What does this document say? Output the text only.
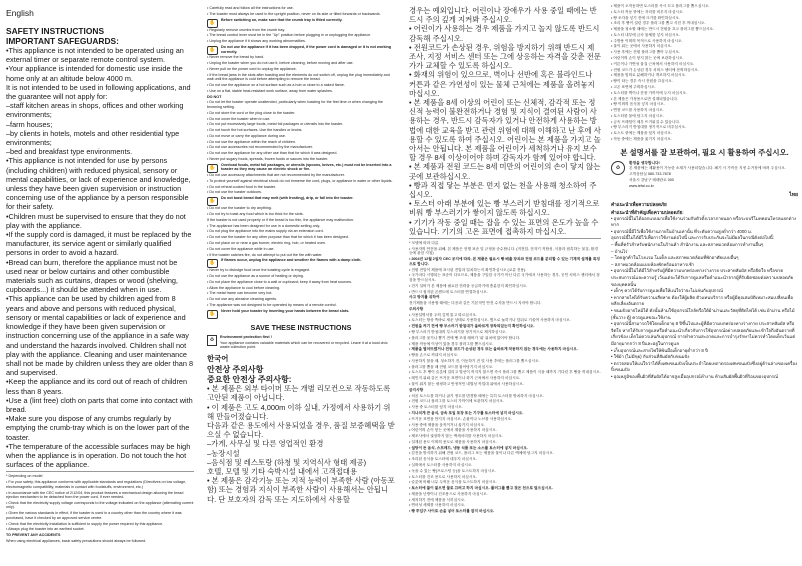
English

SAFETY INSTRUCTIONS

IMPORTANT SAFEGUARDS:

•This appliance is not intended to be operated using an external timer or separate remote control system.

•Your appliance is intended for domestic use inside the home only at an altitude below 4000 m.

It is not intended to be used in following applications, and the guarantee will not apply for:

–staff kitchen areas in shops, offices and other working environments;

–farm houses;

–by clients in hotels, motels and other residential type environments;

–bed and breakfast type environments.

•This appliance is not intended for use by persons (including children) with reduced physical, sensory or mental capabilities, or lack of experience and knowledge, unless they have been given supervision or instruction concerning use of the appliance by a person responsible for their safety.

•Children must be supervised to ensure that they do not play with the appliance.

•If the supply cord is damaged, it must be replaced by the manufacturer, its service agent or similarly qualified persons in order to avoid a hazard.

•Bread can burn, therefore the appliance must not be used near or below curtains and other combustible materials such as curtains, drapes or wood (shelving, cupboards...) it should be attended when in use.

•This appliance can be used by children aged from 8 years and above and persons with reduced physical, sensory or mental capabilities or lack of experience and knowledge if they have been given supervision or instruction concerning use of the appliance in a safe way and understand the hazards involved. Children shall not play with the appliance. Cleaning and user maintenance shall not be made by children unless they are older than 8 and supervised.

•Keep the appliance and its cord out of reach of children less than 8 years.

•Use a (lint free) cloth on parts that come into contact with bread.

•Make sure you dispose of any crumbs regularly by emptying the crumb-tray which is on the lower part of the toaster.

•The temperature of the accessible surfaces may be high when the appliance is in operation. Do not touch the hot surfaces of the appliance.

* Depending on model

• For your safety, this appliance conforms with applicable standards and regulations (Directives on low voltage, electromagnetic compatibility, materials in contact with foodstuffs, environment, etc.)

• In accordance with the CEC notice of 2/12/04, this product features a mechanical design allowing the bread ejection mechanism to be detached from the power cord, if ever needed.

• Check that the electricity supply voltage corresponds to the voltage indicated on the appliance (alternating current only).

• Given the various standards in effect, if the toaster is used in a country other than the country where it was purchased, have it checked by an approved service centre.

• Check that the electricity installation is sufficient to supply the power required by this appliance.

• Always plug the toaster into an earthed socket.

TO PREVENT ANY ACCIDENTS

When using electrical appliances, basic safety precautions should always be followed.

• Carefully read and follow all the instructions for use.

• The toaster must always be used in the upright position, never on its side or tilted forwards or backwards.

✋	Before switching on, make sure that the crumb tray is fitted correctly.

• Regularly remove crumbs from the crumb tray.

• The bread control lever must be in the "Up" position before plugging in or unplugging the appliance.

• Unplug the appliance if it shows any working abnormalities.

✋	Do not use the appliance if it has been dropped, if the power cord is damaged or it is not working correctly.

• Never remove the bread by hand.

• Unplug the toaster when you do not use it, before cleaning, before moving and after use.

• Never pull on the power cord to unplug the appliance.

• If the bread jams in the slots after toasting and the elements do not switch off, unplug the plug immediately and wait until the appliance is cold before attempting to remove the bread.

• Do not use the appliance on a hot surface such as a hob or close to a naked flame.

• Use on a flat, stable heat-resistant work surface, away from water splashes.

DO NOT

• Do not let the toaster operate unattended, particularly when toasting for the first time or when changing the browning setting.

• Do not store the cord or the plug close to the toaster.

• Do not cover the toaster when in use.

• Do not put excessively large foods, metal foil packages or utensils into the toaster.

• Do not touch the hot surfaces. Use the handles or knobs.

• Do not move or carry the appliance during use.

• Do not use the appliance within the reach of children.

• Do not use accessories not recommended by the manufacturer.

• Do not use the appliance for any other use than that for which it was designed.

• Never put sugary foods, spreads, frozen foods or sauces into the toaster.

✋	Overload foods, metal foil packages, or utensils (spoons, knives, etc.) must not be inserted into a toaster as they may cause an electric shock or fire.

• Do not use accessory attachments that are not recommended by the manufacturer.

• To protect yourself against electrical shock do not immerse the cord, plugs, or appliance in water or other liquids.

• Do not reheat cooked food in the toaster.

• Do not use the toaster outdoors.

✋	Do not toast bread that may melt (with frosting), drip, or fall into the toaster.

• Do not use the toaster to dry anything.

• Do not try to toast any food which is too thick for the slots.

If the toaster is not used properly or if the bread is too thin, the appliance may malfunction.

• The appliance has been designed for use in a domestic setting only.

• Do not plug the appliance into the mains supply via an extension cord.

• Do not use the toaster for any other purpose than that for which it has been designed.

• Do not place on or near a gas burner, electric ring, hob, or heated oven.

• Do not cover the appliance while in use.

• If the toaster catches fire, do not attempt to put out the fire with water.

✋	If flames occur, unplug the appliance and smother the flames with a damp cloth.

• Never try to dislodge food once the toasting cycle is engaged.

• Do not use the appliance as a source of heating or drying.

• Do not place the appliance close to a wall or cupboard; keep it away from heat sources.

• Allow the appliance to cool before cleaning.

• The metal frame can become very hot.

• Do not use any abrasive cleaning agents.

• The appliance was not designed to be operated by means of a remote control.

✋	Never hold your toaster by inserting your hands between the bread slots.

SAVE THESE INSTRUCTIONS

♻	Environment protection first !

Your appliance contains valuable materials which can be recovered or recycled. Leave it at a local civic waste collection point.

한국어

안전상 주의사항

중요한 안전상 주의사항:

• 본 제품은 외부 타이머 또는 개별 리모컨으로 작동하도록 고안된 제품이 아닙니다.

• 이 제품은 고도 4,000m 이하 실내, 가정에서 사용하기 위해 만들어졌습니다.

다음과 같은 용도에서 사용되었을 경우, 품질 보증혜택을 받으실 수 없습니다.

–가게, 사무실 및 다른 영업적인 환경

–농장시설

–음식점 및 레스토랑 (하청 및 지역식사 형태 제공)

호텔, 모텔 및 기타 숙박시설 내에서 고객접대용

• 본 제품은 감각기능 또는 지적 능력이 부족한 사람 (아동포함) 또는 경험과 지식이 부족한 사람이 사용해서는 안됩니다. 단 보호자의 감독 또는 지도하에서 사용할

경우는 예외입니다. 어린이나 장애우가 사용 중일 때에는 반드시 주의 깊게 지켜봐 주십시오.

• 어린이가 사용하는 경우 제품을 가지고 놀지 않도록 반드시 감독해 주십시오.

• 전원코드가 손상된 경우, 위험을 방지하기 위해 반드시 제조사, 지정 서비스 센터 또는 그에 상응하는 자격을 갖춘 전문가가 교체할 수 있도록 하십시오.

• 화재의 위험이 있으므로, 벽이나 선반에 혹은 블라인드나 커튼과 같은 가연성이 있는 물체 근처에는 제품을 올려놓지 마십시오.

• 본 제품을 8세 이상의 어린이 또는 신체적, 감각적 또는 정신적 능력이 불완전하거나 경험 및 지식이 결여된 사람이 사용하는 경우, 반드시 감독자가 있거나 안전하게 사용하는 방법에 대한 교육을 받고 관련 위험에 대해 이해하고 난 후에 사용할 수 있도록 하여 주십시오. 어린이는 본 제품을 가지고 놀아서는 안됩니다. 본 제품을 어린이가 세척하거나 유지 보수할 경우 8세 이상이어야 하며 감독자가 함께 있어야 합니다.

• 본 제품과 전원 코드는 8세 미만의 어린이의 손이 닿지 않는 곳에 보관하십시오.

• 빵과 직접 닿는 부분은 먼지 없는 천을 사용해 청소하여 주십시오.

• 토스터 아래 부분에 있는 빵 부스러기 받침대를 정기적으로 비워 빵 부스러기가 쌓이지 않도록 하십시오.

• 기기가 작동 중일 때는 잡을 수 있는 표면의 온도가 높을 수 있습니다. 기기의 고온 표면에 접촉하지 마십시오.

* 모델에 따라 다름

• 사용자의 안전을 위해, 본 제품은 현행 표준 및 규정을 준수합니다. (저전압, 전자기 적합성, 식품과 접촉하는 물질, 환경 등에 관한 지침)

• 2004년 12월 2일자 CEC 공지에 따라, 본 제품은 필요시 빵 배출 장치와 전원 코드를 분리할 수 있는 기계적 설계를 특징으로 합니다.

• 전원 전압이 제품에 표시된 전압과 일치하는지 확인하십시오 (교류 전용).

• 국가마다 시행되는 표준이 다르므로, 제품을 구입한 국가가 아닌 다른 국가에서 사용하는 경우, 공인 서비스 센터에서 점검을 받으십시오.

• 전기 설비가 본 제품에 필요한 전력을 공급하기에 충분한지 확인하십시오.

• 반드시 접지된 콘센트에 토스터를 연결하십시오.

사고 방지를 위하여

전기제품을 사용할 때에는 다음과 같은 기본적인 안전 수칙을 반드시 지켜야 합니다.

주의사항

• 사용설명서를 주의 깊게 읽고 따르십시오.

• 토스터는 항상 똑바로 세운 상태로 사용하십시오. 옆으로 눕히거나 앞뒤로 기울여 사용하지 마십시오.

• 전원을 켜기 전에 빵 부스러기 받침대가 올바르게 장착되었는지 확인하십시오.

• 빵 부스러기 받침대의 부스러기를 정기적으로 제거하십시오.

• 플러그를 꽂거나 뽑기 전에 빵 조절 레버가 '위' 위치에 있어야 합니다.

• 제품 작동에 이상이 있을 경우 플러그를 뽑으십시오.

• 제품을 떨어뜨렸거나 전원 코드가 손상된 경우 또는 올바르게 작동하지 않는 경우에는 사용하지 마십시오.

• 빵을 손으로 꺼내지 마십시오.

• 사용하지 않을 때, 청소하기 전, 이동하기 전 및 사용 후에는 플러그를 뽑으십시오.

• 플러그를 뽑을 때 전원 코드를 잡아당기지 마십시오.

• 토스트 후 빵이 슬롯에 걸리고 열선이 꺼지지 않으면 즉시 플러그를 뽑고 제품이 식을 때까지 기다린 후 빵을 꺼내십시오.

• 레인지 위와 같은 뜨거운 표면이나 화기 근처에서 사용하지 마십시오.

• 물이 튀지 않는 평평하고 안정적인 내열성 작업대 위에서 사용하십시오.

금지사항

• 처음 토스트를 하거나 굽기 정도를 변경할 때에는 특히 토스터를 방치하지 마십시오.

• 전원 코드나 플러그를 토스터 가까이에 보관하지 마십시오.

• 사용 중 토스터를 덮지 마십시오.

• 지나치게 큰 음식, 금속 포일 포장 또는 기구를 토스터에 넣지 마십시오.

• 뜨거운 표면을 만지지 마십시오. 손잡이나 노브를 사용하십시오.

• 사용 중에 제품을 움직이거나 옮기지 마십시오.

• 어린이의 손이 닿는 곳에서 제품을 사용하지 마십시오.

• 제조사에서 권장하지 않는 액세서리를 사용하지 마십시오.

• 설계된 용도 이외의 용도로 제품을 사용하지 마십시오.

• 설탕이 든 음식, 스프레드, 냉동 식품 또는 소스를 토스터에 넣지 마십시오.

• 감전을 방지하기 위해 전원 코드, 플러그 또는 제품을 물이나 다른 액체에 담그지 마십시오.

• 조리된 음식을 토스터에 데우지 마십시오.

• 실외에서 토스터를 사용하지 마십시오.

• 녹을 수 있는 빵(프로스팅 등)을 토스트하지 마십시오.

• 토스터를 건조 용도로 사용하지 마십시오.

• 슬롯에 비해 너무 두꺼운 음식을 토스트하지 마십시오.

• 토스터에 불이 붙으면 물로 끄려고 하지 마십시오. 플러그를 뽑고 젖은 천으로 덮으십시오.

• 제품을 난방이나 건조용으로 사용하지 마십시오.

• 세척하기 전에 제품을 식히십시오.

• 연마성 세제를 사용하지 마십시오.

• 빵 투입구 사이로 손을 넣어 토스터를 잡지 마십시오.

• 제품이 오작동하면 토스터를 즉시 끄고 플러그를 뽑으십시오.

• 토스터 작동 중에는 자리를 비우지 마십시오.

• 빵 조각을 넣기 전에 크기를 확인하십시오.

• 조리 후 빵이 걸린 경우 플러그를 뽑고 식힌 후 꺼내십시오.

• 제품을 청소할 때에는 반드시 전원을 끄고 플러그를 뽑으십시오.

• 토스터 내부에 금속 물체를 넣지 마십시오.

• 주방용 이외의 목적으로 사용하지 마십시오.

• 물이 튀는 곳에서 사용하지 마십시오.

• 사용 후에는 전원 플러그를 뽑아 두십시오.

• 어린이의 손이 닿지 않는 곳에 보관하십시오.

• 커튼이나 가연성 물질 근처에서 사용하지 마십시오.

• 전원 코드가 손상된 경우 서비스 센터에 문의하십시오.

• 제품을 임의로 분해하거나 개조하지 마십시오.

• 빵이 타는 경우 즉시 전원을 끄십시오.

• 고온 표면에 주의하십시오.

• 토스터를 벽이나 찬장 가까이에 두지 마십시오.

• 본 제품은 가정용으로만 설계되었습니다.

• 빵 이외의 음식을 넣지 마십시오.

• 연장 코드를 사용하지 마십시오.

• 토스터를 물에 담그지 마십시오.

• 금속 프레임이 매우 뜨거워질 수 있습니다.

• 빵 부스러기 받침대를 정기적으로 비우십시오.

• 토스트 중에는 제품을 덮지 마십시오.

• 작동 중에는 제품을 옮기지 마십시오.

본 설명서를 잘 보관하여, 필요 시 활용하여 주십시오.

♻

환경을 생각합니다!

본 제품에는 재활용이 가능한 소재가 사용되었습니다. 폐기 시 가까운 지정 수거장에 버려 주십시오.

고객상담실 080-733-7878

서울시 강남구 테헤란로 000

www.tefal.co.kr

ไทย

คำแนะนำเพื่อความปลอดภัย

คำแนะนำที่สำคัญเพื่อความปลอดภัย:

• อุปกรณ์นี้ไม่ได้ออกแบบมาเพื่อใช้งานร่วมกับตัวตั้งเวลาภายนอก หรือระบบรีโมทคอนโทรลแยกต่างหาก

• อุปกรณ์นี้มีไว้เพื่อใช้งานภายในบ้านเท่านั้น ที่ระดับความสูงต่ำกว่า 4000 ม.

อุปกรณ์นี้ไม่ได้มีไว้เพื่อการใช้งานต่อไปนี้ และการรับประกันจะไม่มีผลในกรณีดังต่อไปนี้:

– พื้นที่ครัวสำหรับพนักงานในร้านค้า สำนักงาน และสภาพแวดล้อมการทำงานอื่นๆ

– บ้านไร่

– โดยลูกค้าในโรงแรม โมเต็ล และสภาพแวดล้อมที่พักอาศัยแบบอื่นๆ

– สภาพแวดล้อมแบบห้องพักพร้อมอาหารเช้า

• อุปกรณ์นี้ไม่ได้มีไว้สำหรับผู้ที่มีความบกพร่องทางร่างกาย ประสาทสัมผัส หรือจิตใจ หรือขาดประสบการณ์และความรู้ เว้นแต่จะได้รับการดูแลหรือคำแนะนำจากผู้ที่รับผิดชอบต่อความปลอดภัยของบุคคลนั้น

• เด็กๆ ควรได้รับการดูแลเพื่อให้แน่ใจว่าจะไม่เล่นกับอุปกรณ์

• หากสายไฟได้รับความเสียหาย ต้องให้ผู้ผลิต ตัวแทนบริการ หรือผู้มีคุณสมบัติเหมาะสมเปลี่ยนเพื่อหลีกเลี่ยงอันตราย

• ขนมปังอาจไหม้ได้ ดังนั้นห้ามใช้อุปกรณ์ใกล้หรือใต้ผ้าม่านและวัสดุที่ติดไฟได้ เช่น ผ้าม่าน หรือไม้ (ชั้นวาง ตู้) ควรดูแลขณะใช้งาน

• อุปกรณ์นี้สามารถใช้โดยเด็กอายุ 8 ปีขึ้นไปและผู้ที่มีความบกพร่องทางร่างกาย ประสาทสัมผัส หรือจิตใจ หากได้รับการดูแลหรือคำแนะนำเกี่ยวกับการใช้อุปกรณ์อย่างปลอดภัยและเข้าใจถึงอันตรายที่เกี่ยวข้อง เด็กไม่ควรเล่นกับอุปกรณ์ การทำความสะอาดและการบำรุงรักษาไม่ควรทำโดยเด็กเว้นแต่มีอายุมากกว่า 8 ปีและอยู่ในการดูแล

• เก็บอุปกรณ์และสายไฟให้พ้นมือเด็กอายุต่ำกว่า 8 ปี

• ใช้ผ้า (ไม่มีขุย) กับส่วนที่สัมผัสกับขนมปัง

• ตรวจสอบให้แน่ใจว่าได้ทิ้งเศษขนมปังเป็นประจำโดยเทถาดรองเศษขนมปังซึ่งอยู่ด้านล่างของเครื่องปิ้งขนมปัง

• อุณหภูมิของพื้นผิวที่สัมผัสได้อาจสูงเมื่ออุปกรณ์ทำงาน ห้ามสัมผัสพื้นผิวที่ร้อนของอุปกรณ์
